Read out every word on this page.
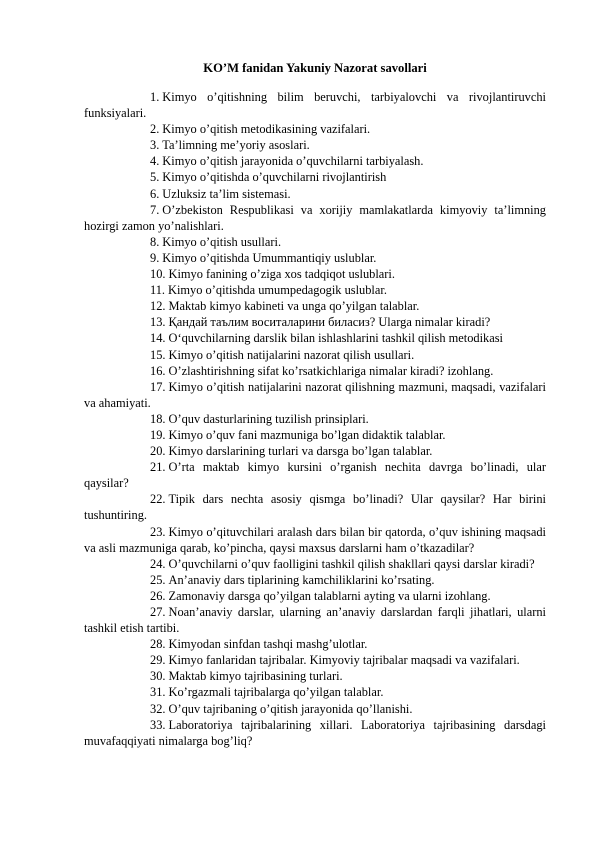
KO’M fanidan Yakuniy Nazorat savollari
1. Kimyo o’qitishning bilim beruvchi, tarbiyalovchi va rivojlantiruvchi funksiyalari.
2. Kimyo o’qitish metodikasining vazifalari.
3. Ta’limning me’yoriy asoslari.
4. Kimyo o’qitish jarayonida o’quvchilarni tarbiyalash.
5. Kimyo o’qitishda o’quvchilarni rivojlantirish
6. Uzluksiz ta’lim sistemasi.
7. O’zbekiston Respublikasi va xorijiy mamlakatlarda kimyoviy ta’limning hozirgi zamon yo’nalishlari.
8. Kimyo o’qitish usullari.
9. Kimyo o’qitishda Umummantiqiy uslublar.
10. Kimyo fanining o’ziga xos tadqiqot uslublari.
11. Kimyo o’qitishda umumpedagogik uslublar.
12. Maktab kimyo kabineti va unga qo’yilgan talablar.
13. Қандай таълим воситаларини биласиз? Ularga nimalar kiradi?
14. O‘quvchilarning darslik bilan ishlashlarini tashkil qilish metodikasi
15. Kimyo o’qitish natijalarini nazorat qilish usullari.
16. O’zlashtirishning sifat ko’rsatkichlariga nimalar kiradi? izohlang.
17. Kimyo o’qitish natijalarini nazorat qilishning mazmuni, maqsadi, vazifalari va ahamiyati.
18. O’quv dasturlarining tuzilish prinsiplari.
19. Kimyo o’quv fani mazmuniga bo’lgan didaktik talablar.
20. Kimyo darslarining turlari va darsga bo’lgan talablar.
21. O’rta maktab kimyo kursini o’rganish nechita davrga bo’linadi, ular qaysilar?
22. Tipik dars nechta asosiy qismga bo’linadi? Ular qaysilar? Har birini tushuntiring.
23. Kimyo o’qituvchilari aralash dars bilan bir qatorda, o’quv ishining maqsadi va asli mazmuniga qarab, ko’pincha, qaysi maxsus darslarni ham o’tkazadilar?
24. O’quvchilarni o’quv faolligini tashkil qilish shakllari qaysi darslar kiradi?
25. An’anaviy dars tiplarining kamchiliklarini ko’rsating.
26. Zamonaviy darsga qo’yilgan talablarni ayting va ularni izohlang.
27. Noan’anaviy darslar, ularning an’anaviy darslardan farqli jihatlari, ularni tashkil etish tartibi.
28. Kimyodan sinfdan tashqi mashg’ulotlar.
29. Kimyo fanlaridan tajribalar. Kimyoviy tajribalar maqsadi va vazifalari.
30. Maktab kimyo tajribasining turlari.
31. Ko’rgazmali tajribalarga qo’yilgan talablar.
32. O’quv tajribaning o’qitish jarayonida qo’llanishi.
33. Laboratoriya tajribalarining xillari. Laboratoriya tajribasining darsdagi muvafaqqiyati nimalarga bog’liq?
